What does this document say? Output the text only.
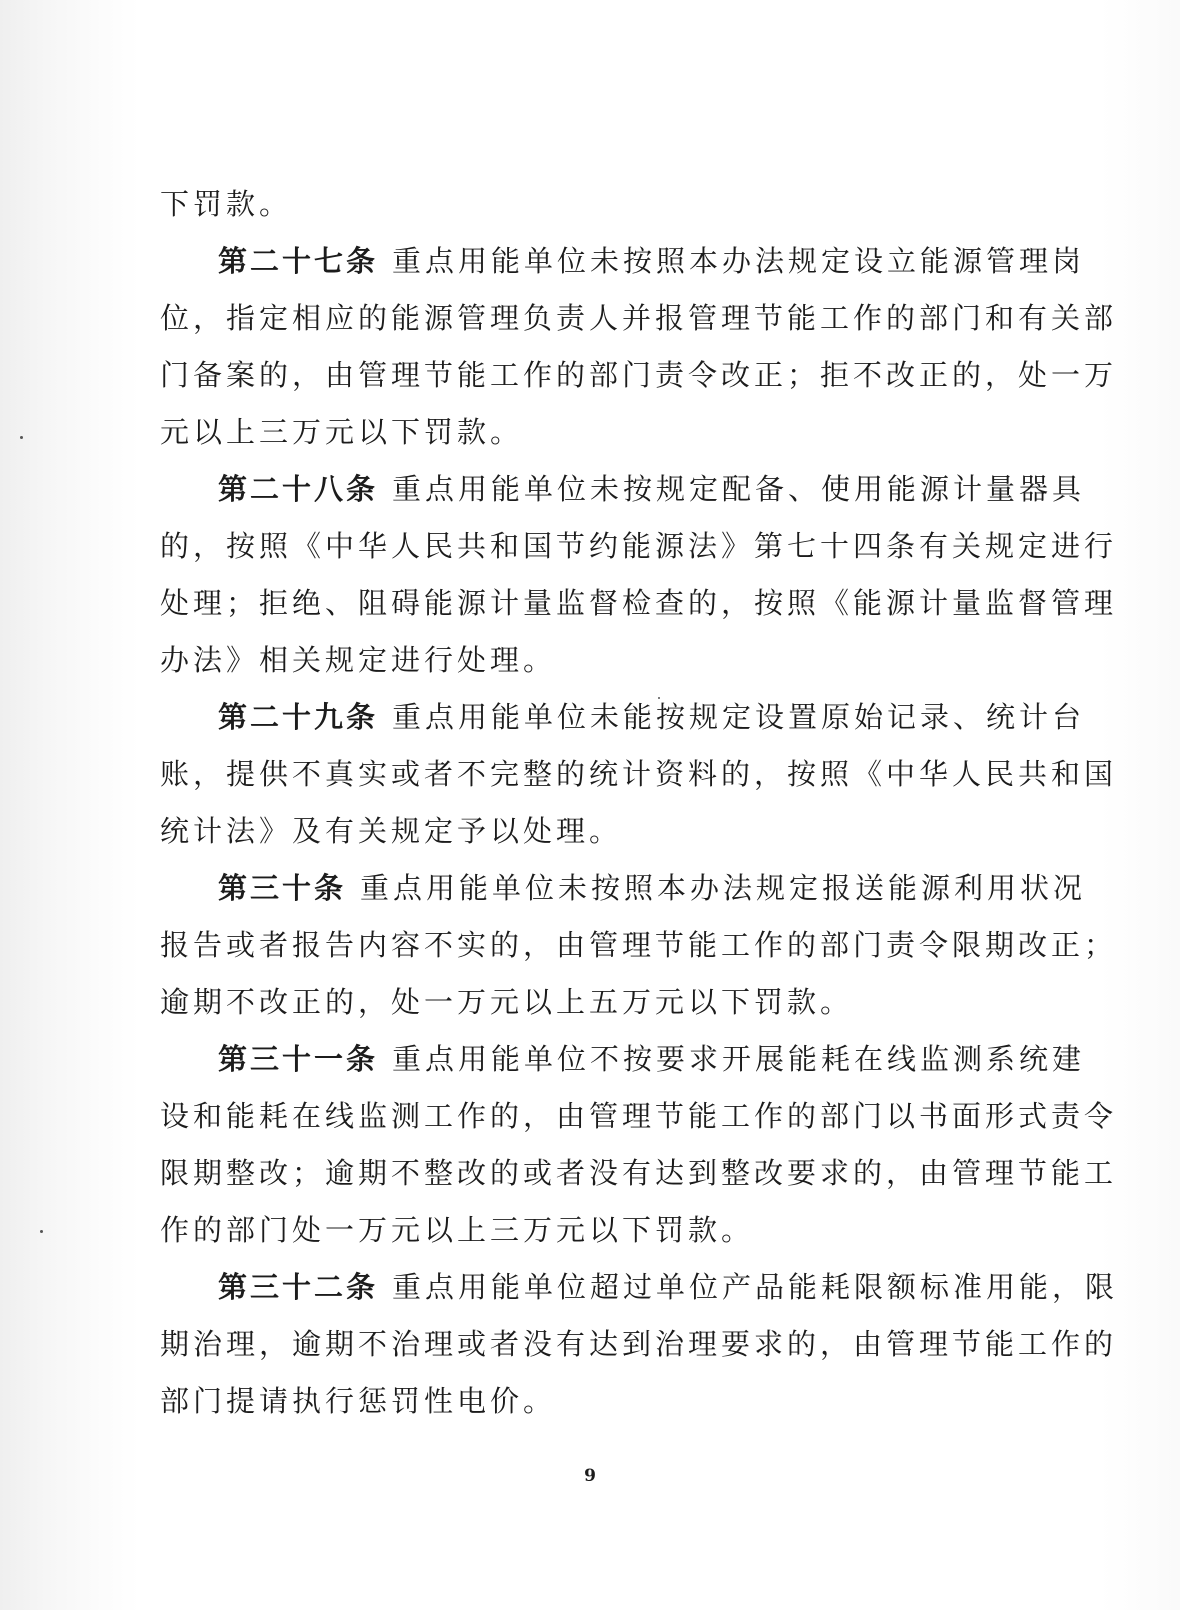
下罚款。
第二十七条 重点用能单位未按照本办法规定设立能源管理岗
位，指定相应的能源管理负责人并报管理节能工作的部门和有关部
门备案的，由管理节能工作的部门责令改正；拒不改正的，处一万
元以上三万元以下罚款。
第二十八条 重点用能单位未按规定配备、使用能源计量器具
的，按照《中华人民共和国节约能源法》第七十四条有关规定进行
处理；拒绝、阻碍能源计量监督检查的，按照《能源计量监督管理
办法》相关规定进行处理。
第二十九条 重点用能单位未能按规定设置原始记录、统计台
账，提供不真实或者不完整的统计资料的，按照《中华人民共和国
统计法》及有关规定予以处理。
第三十条 重点用能单位未按照本办法规定报送能源利用状况
报告或者报告内容不实的，由管理节能工作的部门责令限期改正；
逾期不改正的，处一万元以上五万元以下罚款。
第三十一条 重点用能单位不按要求开展能耗在线监测系统建
设和能耗在线监测工作的，由管理节能工作的部门以书面形式责令
限期整改；逾期不整改的或者没有达到整改要求的，由管理节能工
作的部门处一万元以上三万元以下罚款。
第三十二条 重点用能单位超过单位产品能耗限额标准用能，限
期治理，逾期不治理或者没有达到治理要求的，由管理节能工作的
部门提请执行惩罚性电价。
9
